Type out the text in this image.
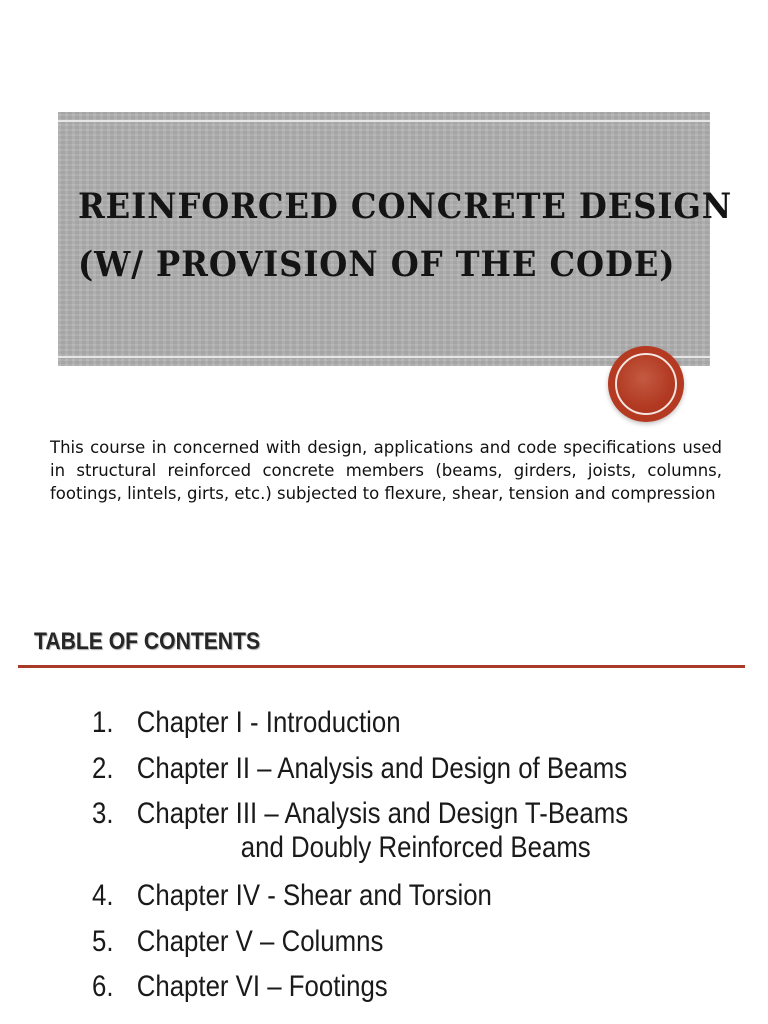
REINFORCED CONCRETE DESIGN
(W/ PROVISION OF THE CODE)

This course in concerned with design, applications and code specifications used in structural reinforced concrete members (beams, girders, joists, columns, footings, lintels, girts, etc.) subjected to flexure, shear, tension and compression

TABLE OF CONTENTS
1. Chapter I - Introduction
2. Chapter II – Analysis and Design of Beams
3. Chapter III – Analysis and Design T-Beams
and Doubly Reinforced Beams
4. Chapter IV - Shear and Torsion
5. Chapter V – Columns
6. Chapter VI – Footings
